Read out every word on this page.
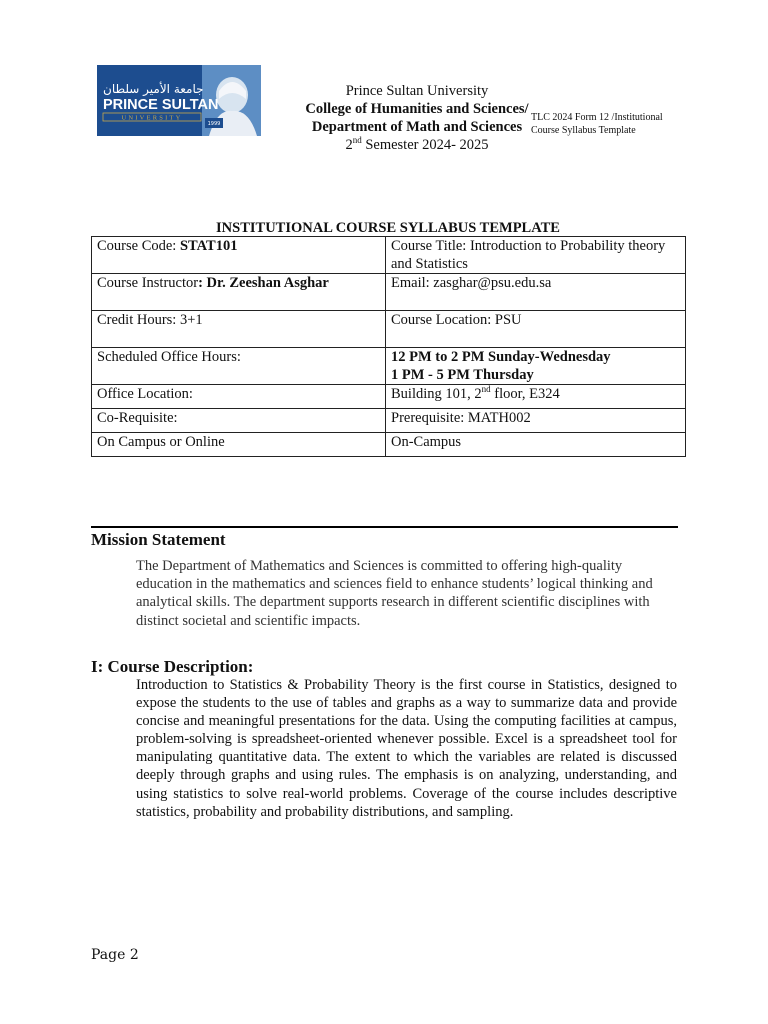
جامعة الأمير سلطان
PRINCE SULTAN
UNIVERSITY
1999
Prince Sultan University
College of Humanities and Sciences/ Department of Math and Sciences
2nd Semester 2024- 2025
TLC 2024 Form 12 /Institutional Course Syllabus Template
INSTITUTIONAL COURSE SYLLABUS TEMPLATE
Course Code: STAT101	Course Title: Introduction to Probability theory and Statistics
Course Instructor: Dr. Zeeshan Asghar	Email: zasghar@psu.edu.sa
Credit Hours: 3+1	Course Location: PSU
Scheduled Office Hours:	12 PM to 2 PM Sunday-Wednesday
1 PM - 5 PM Thursday

Office Location:	Building 101, 2nd floor, E324
Co-Requisite:	Prerequisite: MATH002
On Campus or Online	On-Campus
Mission Statement
The Department of Mathematics and Sciences is committed to offering high-quality education in the mathematics and sciences field to enhance students’ logical thinking and analytical skills. The department supports research in different scientific disciplines with distinct societal and scientific impacts.
I: Course Description:
Introduction to Statistics & Probability Theory is the first course in Statistics, designed to expose the students to the use of tables and graphs as a way to summarize data and provide concise and meaningful presentations for the data. Using the computing facilities at campus, problem-solving is spreadsheet-oriented whenever possible. Excel is a spreadsheet tool for manipulating quantitative data. The extent to which the variables are related is discussed deeply through graphs and using rules. The emphasis is on analyzing, understanding, and using statistics to solve real-world problems. Coverage of the course includes descriptive statistics, probability and probability distributions, and sampling.
Page 2
